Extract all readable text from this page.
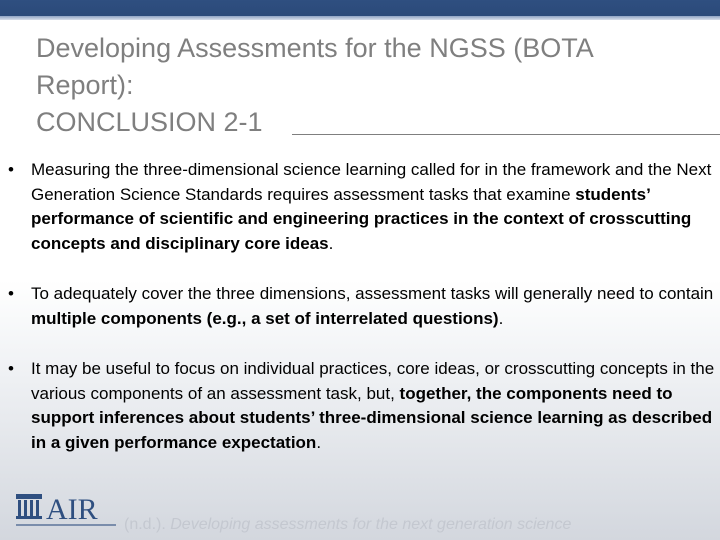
Developing Assessments for the NGSS (BOTA
Report):
CONCLUSION 2-1
• Measuring the three-dimensional science learning called for in the framework and the Next Generation Science Standards requires assessment tasks that examine students’ performance of scientific and engineering practices in the context of crosscutting concepts and disciplinary core ideas.
• To adequately cover the three dimensions, assessment tasks will generally need to contain multiple components (e.g., a set of interrelated questions).
• It may be useful to focus on individual practices, core ideas, or crosscutting concepts in the various components of an assessment task, but, together, the components need to support inferences about students’ three-dimensional science learning as described in a given performance expectation.
AIR (n.d.). Developing assessments for the next generation science
